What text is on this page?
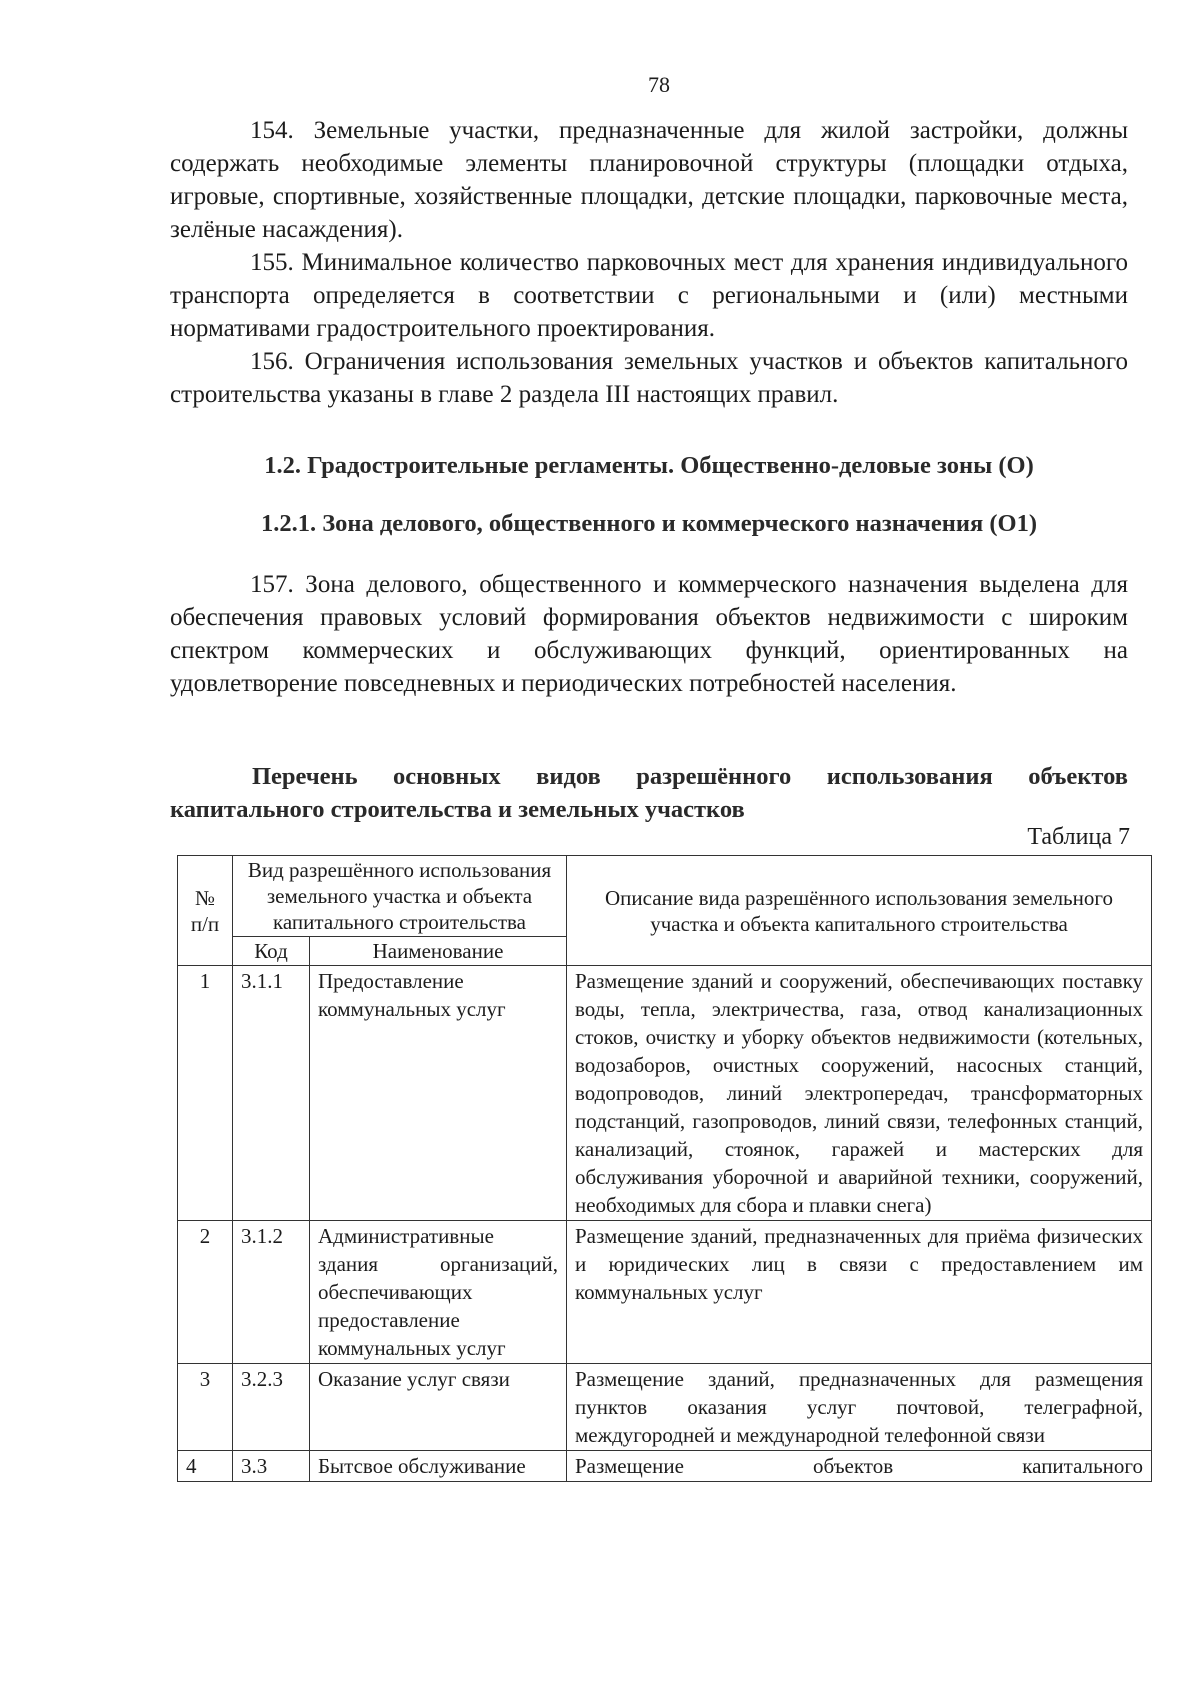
78

154. Земельные участки, предназначенные для жилой застройки, должны содержать необходимые элементы планировочной структуры (площадки отдыха, игровые, спортивные, хозяйственные площадки, детские площадки, парковочные места, зелёные насаждения).

155. Минимальное количество парковочных мест для хранения индивидуального транспорта определяется в соответствии с региональными и (или) местными нормативами градостроительного проектирования.

156. Ограничения использования земельных участков и объектов капитального строительства указаны в главе 2 раздела III настоящих правил.

1.2. Градостроительные регламенты. Общественно-деловые зоны (О)
1.2.1. Зона делового, общественного и коммерческого назначения (О1)

157. Зона делового, общественного и коммерческого назначения выделена для обеспечения правовых условий формирования объектов недвижимости с широким спектром коммерческих и обслуживающих функций, ориентированных на удовлетворение повседневных и периодических потребностей населения.

Перечень основных видов разрешённого использования объектов капитального строительства и земельных участков
Таблица 7
№ п/п	Вид разрешённого использования земельного участка и объекта капитального строительства		Описание вида разрешённого использования земельного участка и объекта капитального строительства
	Код	Наименование	
1	3.1.1	Предоставление коммунальных услуг	Размещение зданий и сооружений, обеспечивающих поставку воды, тепла, электричества, газа, отвод канализационных стоков, очистку и уборку объектов недвижимости (котельных, водозаборов, очистных сооружений, насосных станций, водопроводов, линий электропередач, трансформаторных подстанций, газопроводов, линий связи, телефонных станций, канализаций, стоянок, гаражей и мастерских для обслуживания уборочной и аварийной техники, сооружений, необходимых для сбора и плавки снега)
2	3.1.2	Административные здания организаций, обеспечивающих предоставление коммунальных услуг	Размещение зданий, предназначенных для приёма физических и юридических лиц в связи с предоставлением им коммунальных услуг
3	3.2.3	Оказание услуг связи	Размещение зданий, предназначенных для размещения пунктов оказания услуг почтовой, телеграфной, междугородней и международной телефонной связи
4	3.3	Бытсвое обслуживание	Размещение объектов капитального
